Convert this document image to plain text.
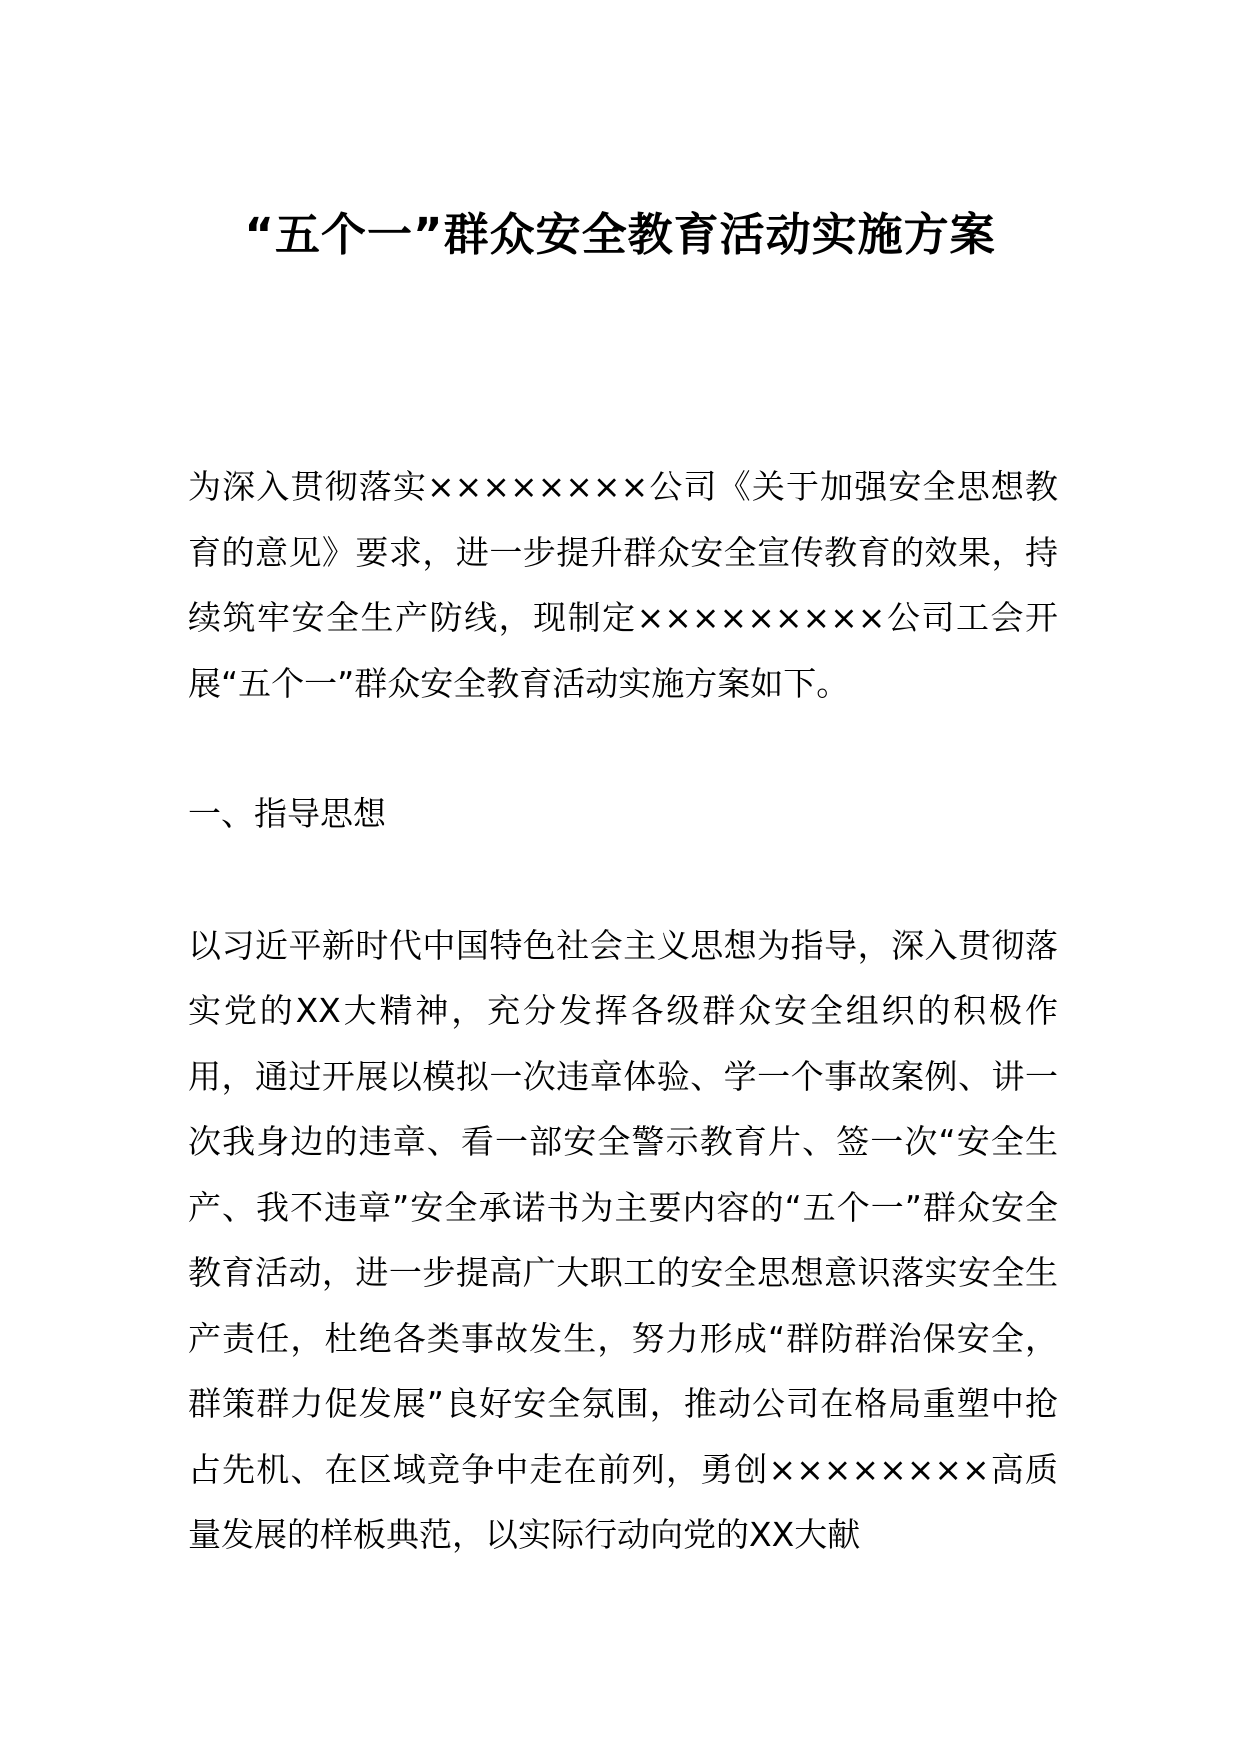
“五个一”群众安全教育活动实施方案

为深入贯彻落实××××××××公司《关于加强安全思想教育的意见》要求，进一步提升群众安全宣传教育的效果，持续筑牢安全生产防线，现制定×××××××××公司工会开展“五个一”群众安全教育活动实施方案如下。

一、指导思想

以习近平新时代中国特色社会主义思想为指导，深入贯彻落实党的XX大精神，充分发挥各级群众安全组织的积极作用，通过开展以模拟一次违章体验、学一个事故案例、讲一次我身边的违章、看一部安全警示教育片、签一次“安全生产、我不违章”安全承诺书为主要内容的“五个一”群众安全教育活动，进一步提高广大职工的安全思想意识落实安全生产责任，杜绝各类事故发生，努力形成“群防群治保安全，群策群力促发展”良好安全氛围，推动公司在格局重塑中抢占先机、在区域竞争中走在前列，勇创××××××××高质量发展的样板典范，以实际行动向党的XX大献
